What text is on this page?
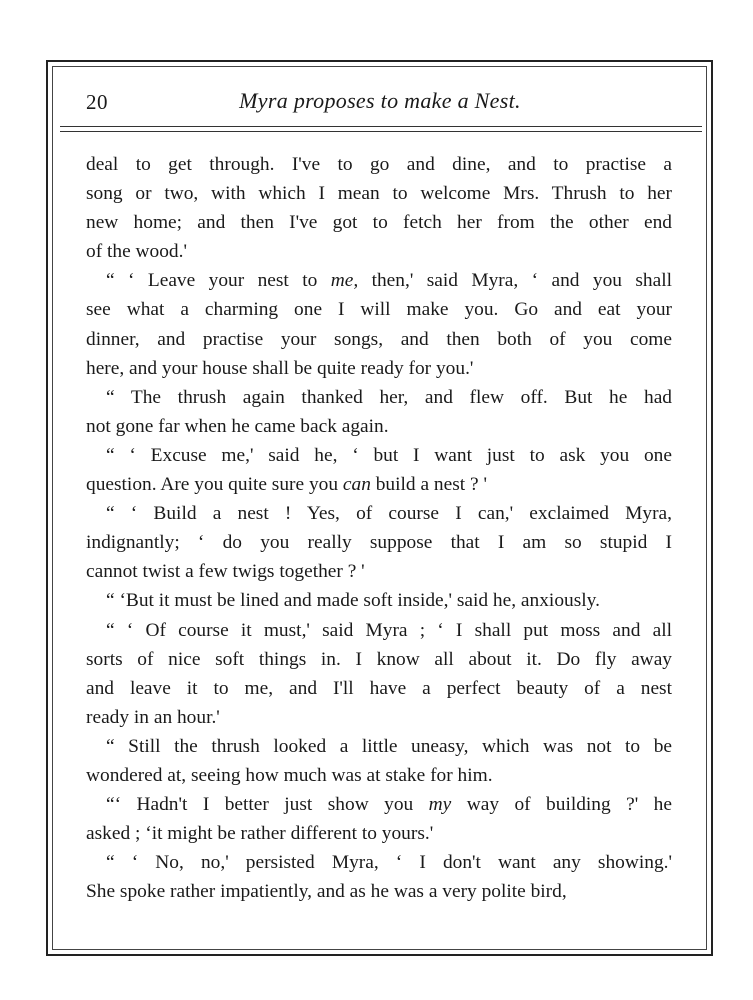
20	Myra proposes to make a Nest.
deal to get through. I've to go and dine, and to practise a
song or two, with which I mean to welcome Mrs. Thrush to her
new home; and then I've got to fetch her from the other end
of the wood.'
“ ‘ Leave your nest to me, then,' said Myra, ‘ and you shall
see what a charming one I will make you. Go and eat your
dinner, and practise your songs, and then both of you come
here, and your house shall be quite ready for you.'
“ The thrush again thanked her, and flew off. But he had
not gone far when he came back again.
“ ‘ Excuse me,' said he, ‘ but I want just to ask you one
question. Are you quite sure you can build a nest ? '
“ ‘ Build a nest ! Yes, of course I can,' exclaimed Myra,
indignantly; ‘ do you really suppose that I am so stupid I
cannot twist a few twigs together ? '
“ ‘But it must be lined and made soft inside,' said he, anxiously.
“ ‘ Of course it must,' said Myra ; ‘ I shall put moss and all
sorts of nice soft things in. I know all about it. Do fly away
and leave it to me, and I'll have a perfect beauty of a nest
ready in an hour.'
“ Still the thrush looked a little uneasy, which was not to be
wondered at, seeing how much was at stake for him.
“‘ Hadn't I better just show you my way of building ?' he
asked ; ‘it might be rather different to yours.'
“ ‘ No, no,' persisted Myra, ‘ I don't want any showing.'
She spoke rather impatiently, and as he was a very polite bird,
